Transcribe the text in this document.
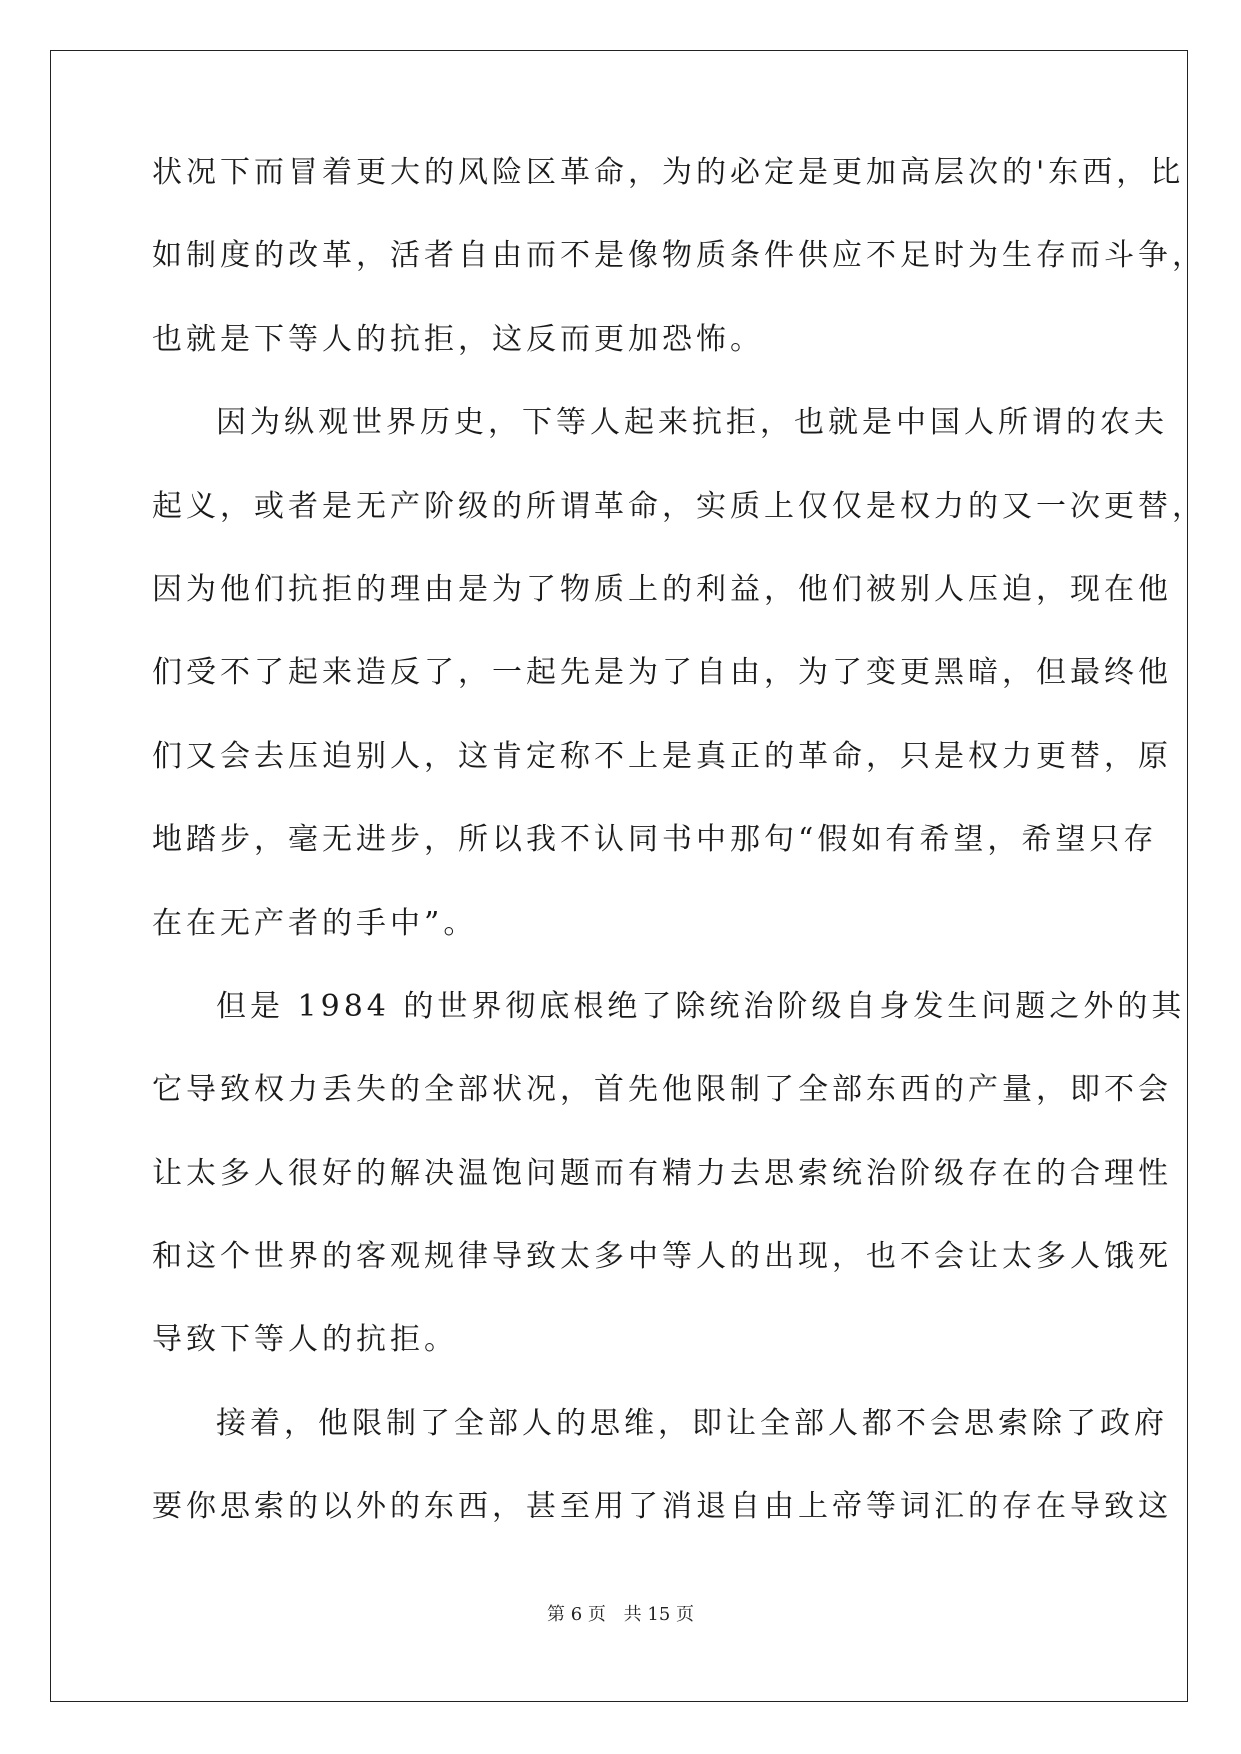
状况下而冒着更大的风险区革命，为的必定是更加高层次的'东西，比
如制度的改革，活者自由而不是像物质条件供应不足时为生存而斗争，
也就是下等人的抗拒，这反而更加恐怖。
因为纵观世界历史，下等人起来抗拒，也就是中国人所谓的农夫
起义，或者是无产阶级的所谓革命，实质上仅仅是权力的又一次更替，
因为他们抗拒的理由是为了物质上的利益，他们被别人压迫，现在他
们受不了起来造反了，一起先是为了自由，为了变更黑暗，但最终他
们又会去压迫别人，这肯定称不上是真正的革命，只是权力更替，原
地踏步，毫无进步，所以我不认同书中那句“假如有希望，希望只存
在在无产者的手中”。
但是 1984 的世界彻底根绝了除统治阶级自身发生问题之外的其
它导致权力丢失的全部状况，首先他限制了全部东西的产量，即不会
让太多人很好的解决温饱问题而有精力去思索统治阶级存在的合理性
和这个世界的客观规律导致太多中等人的出现，也不会让太多人饿死
导致下等人的抗拒。
接着，他限制了全部人的思维，即让全部人都不会思索除了政府
要你思索的以外的东西，甚至用了消退自由上帝等词汇的存在导致这
第 6 页 共 15 页
